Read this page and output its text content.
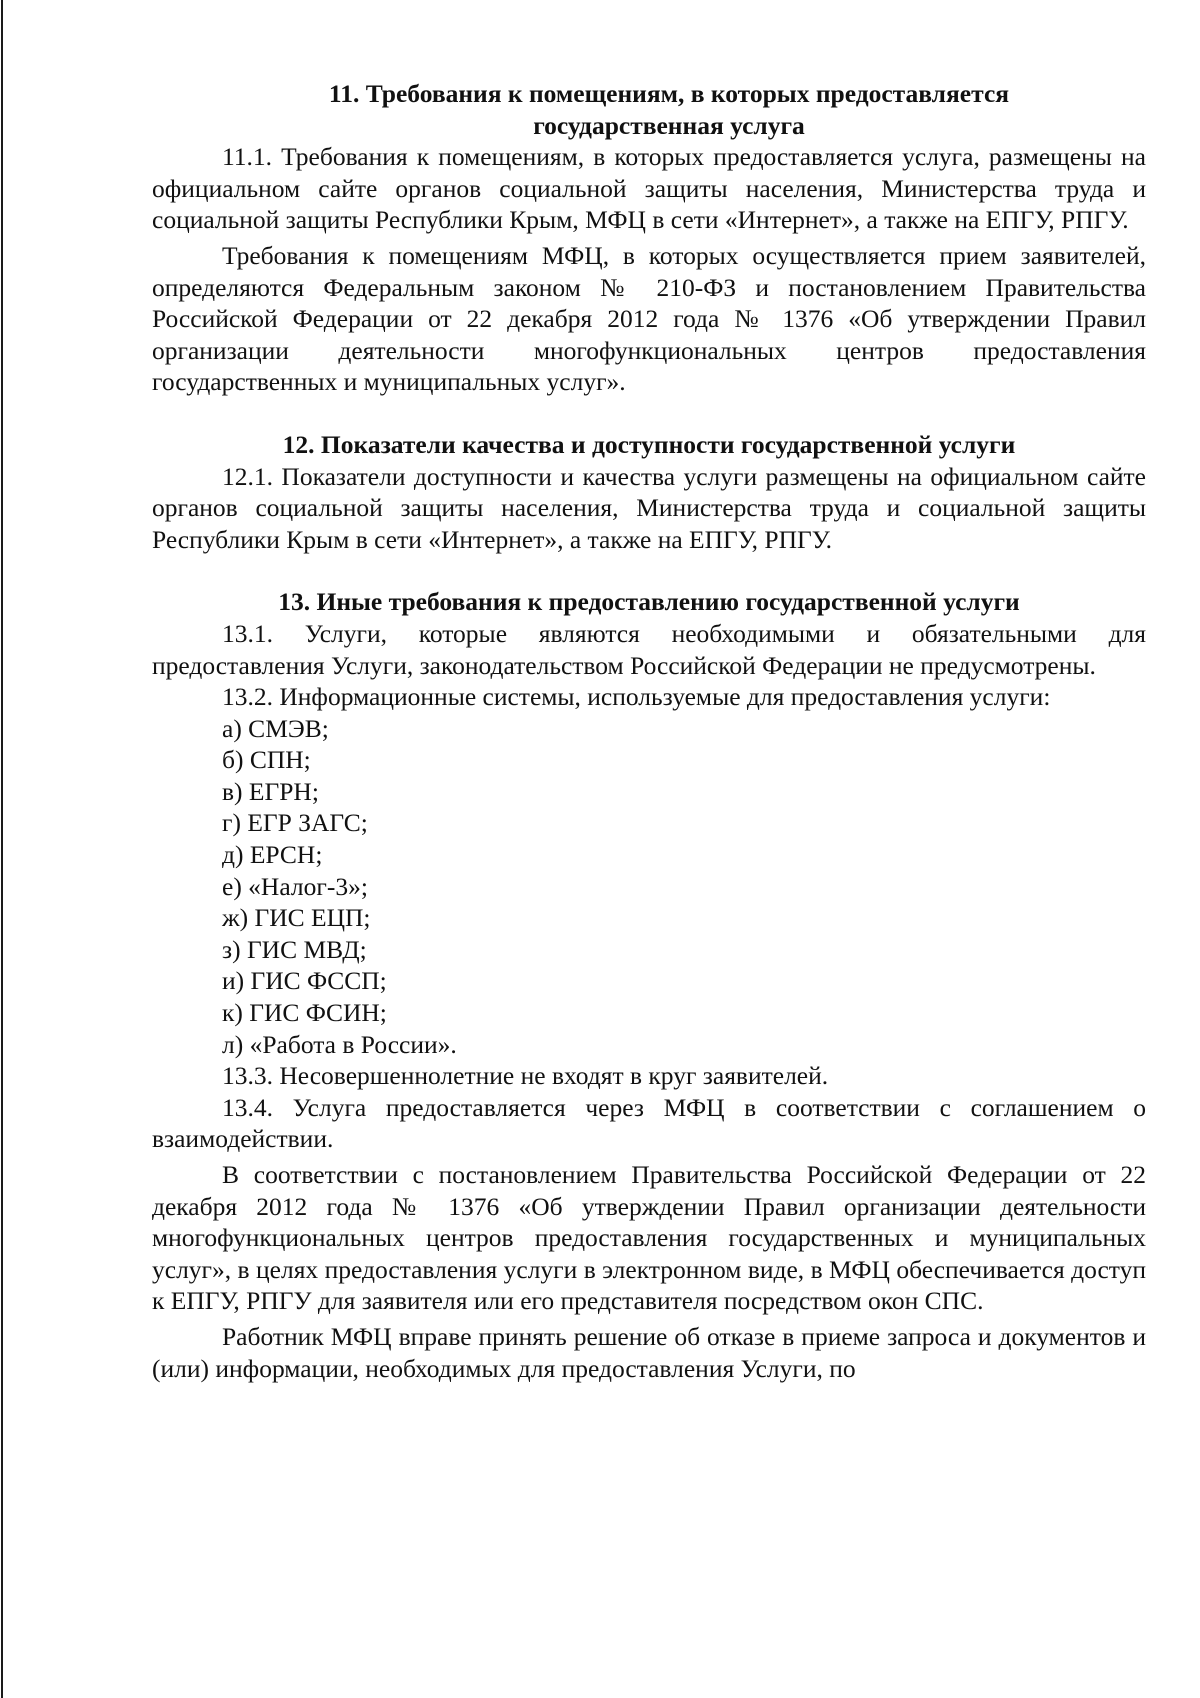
11. Требования к помещениям, в которых предоставляется

государственная услуга

11.1. Требования к помещениям, в которых предоставляется услуга, размещены на официальном сайте органов социальной защиты населения, Министерства труда и социальной защиты Республики Крым, МФЦ в сети «Интернет», а также на ЕПГУ, РПГУ.

Требования к помещениям МФЦ, в которых осуществляется прием заявителей, определяются Федеральным законом № 210-ФЗ и постановлением Правительства Российской Федерации от 22 декабря 2012 года № 1376 «Об утверждении Правил организации деятельности многофункциональных центров предоставления государственных и муниципальных услуг».

12. Показатели качества и доступности государственной услуги

12.1. Показатели доступности и качества услуги размещены на официальном сайте органов социальной защиты населения, Министерства труда и социальной защиты Республики Крым в сети «Интернет», а также на ЕПГУ, РПГУ.

13. Иные требования к предоставлению государственной услуги

13.1. Услуги, которые являются необходимыми и обязательными для предоставления Услуги, законодательством Российской Федерации не предусмотрены.

13.2. Информационные системы, используемые для предоставления услуги:

а) СМЭВ;

б) СПН;

в) ЕГРН;

г) ЕГР ЗАГС;

д) ЕРСН;

е) «Налог-3»;

ж) ГИС ЕЦП;

з) ГИС МВД;

и) ГИС ФССП;

к) ГИС ФСИН;

л) «Работа в России».

13.3. Несовершеннолетние не входят в круг заявителей.

13.4. Услуга предоставляется через МФЦ в соответствии с соглашением о взаимодействии.

В соответствии с постановлением Правительства Российской Федерации от 22 декабря 2012 года № 1376 «Об утверждении Правил организации деятельности многофункциональных центров предоставления государственных и муниципальных услуг», в целях предоставления услуги в электронном виде, в МФЦ обеспечивается доступ к ЕПГУ, РПГУ для заявителя или его представителя посредством окон СПС.

Работник МФЦ вправе принять решение об отказе в приеме запроса и документов и (или) информации, необходимых для предоставления Услуги, по
